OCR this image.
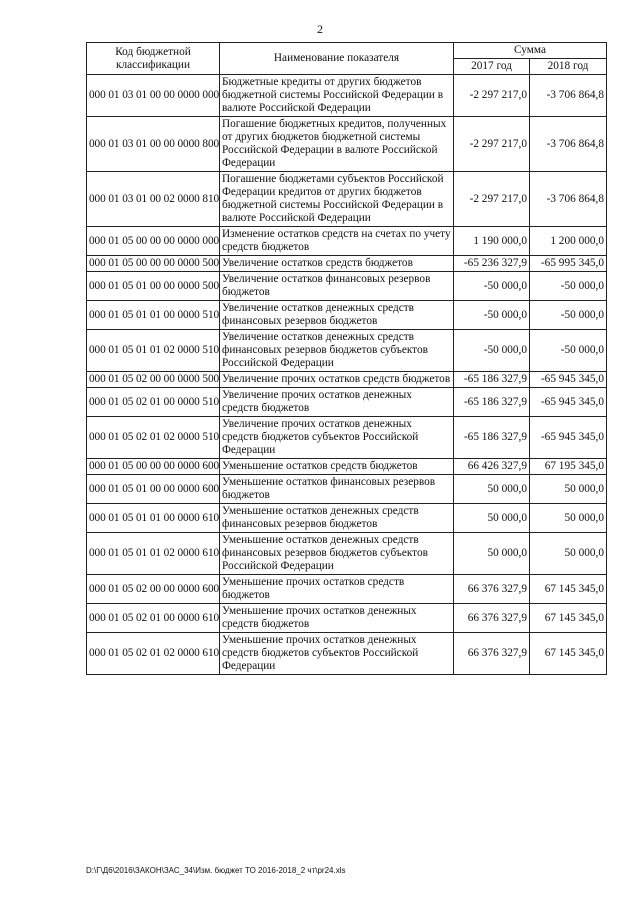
2
Код бюджетной классификации	Наименование показателя	Сумма	
		2017 год	2018 год
000 01 03 01 00 00 0000 000	Бюджетные кредиты от других бюджетов бюджетной системы Российской Федерации в валюте Российской Федерации	-2 297 217,0	-3 706 864,8
000 01 03 01 00 00 0000 800	Погашение бюджетных кредитов, полученных от других бюджетов бюджетной системы Российской Федерации в валюте Российской Федерации	-2 297 217,0	-3 706 864,8
000 01 03 01 00 02 0000 810	Погашение бюджетами субъектов Российской Федерации кредитов от других бюджетов бюджетной системы Российской Федерации в валюте Российской Федерации	-2 297 217,0	-3 706 864,8
000 01 05 00 00 00 0000 000	Изменение остатков средств на счетах по учету средств бюджетов	1 190 000,0	1 200 000,0
000 01 05 00 00 00 0000 500	Увеличение остатков средств бюджетов	-65 236 327,9	-65 995 345,0
000 01 05 01 00 00 0000 500	Увеличение остатков финансовых резервов бюджетов	-50 000,0	-50 000,0
000 01 05 01 01 00 0000 510	Увеличение остатков денежных средств финансовых резервов бюджетов	-50 000,0	-50 000,0
000 01 05 01 01 02 0000 510	Увеличение остатков денежных средств финансовых резервов бюджетов субъектов Российской Федерации	-50 000,0	-50 000,0
000 01 05 02 00 00 0000 500	Увеличение прочих остатков средств бюджетов	-65 186 327,9	-65 945 345,0
000 01 05 02 01 00 0000 510	Увеличение прочих остатков денежных средств бюджетов	-65 186 327,9	-65 945 345,0
000 01 05 02 01 02 0000 510	Увеличение прочих остатков денежных средств бюджетов субъектов Российской Федерации	-65 186 327,9	-65 945 345,0
000 01 05 00 00 00 0000 600	Уменьшение остатков средств бюджетов	66 426 327,9	67 195 345,0
000 01 05 01 00 00 0000 600	Уменьшение остатков финансовых резервов бюджетов	50 000,0	50 000,0
000 01 05 01 01 00 0000 610	Уменьшение остатков денежных средств финансовых резервов бюджетов	50 000,0	50 000,0
000 01 05 01 01 02 0000 610	Уменьшение остатков денежных средств финансовых резервов бюджетов субъектов Российской Федерации	50 000,0	50 000,0
000 01 05 02 00 00 0000 600	Уменьшение прочих остатков средств бюджетов	66 376 327,9	67 145 345,0
000 01 05 02 01 00 0000 610	Уменьшение прочих остатков денежных средств бюджетов	66 376 327,9	67 145 345,0
000 01 05 02 01 02 0000 610	Уменьшение прочих остатков денежных средств бюджетов субъектов Российской Федерации	66 376 327,9	67 145 345,0
D:\Г\Д6\2016\ЗАКОН\ЗАС_34\Изм. бюджет ТО 2016-2018_2 чт\pr24.xls
